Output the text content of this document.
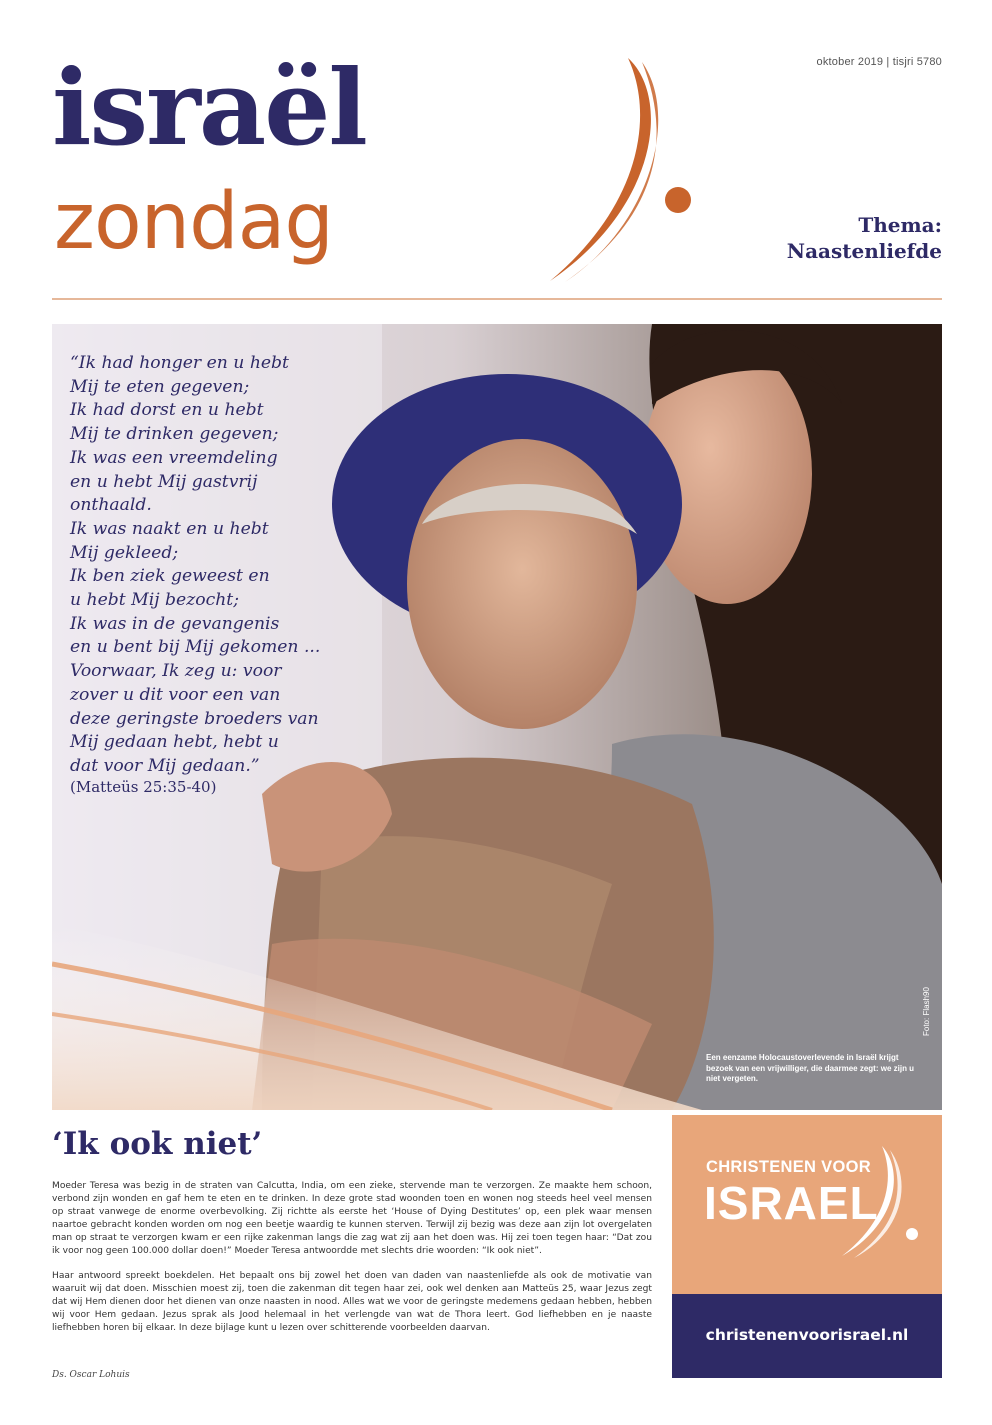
oktober 2019 | tisjri 5780
israël
zondag	Thema:
Naastenliefde
“Ik had honger en u hebt
Mij te eten gegeven;
Ik had dorst en u hebt
Mij te drinken gegeven;
Ik was een vreemdeling
en u hebt Mij gastvrij
onthaald.
Ik was naakt en u hebt
Mij gekleed;
Ik ben ziek geweest en
u hebt Mij bezocht;
Ik was in de gevangenis
en u bent bij Mij gekomen ...
Voorwaar, Ik zeg u: voor
zover u dit voor een van
deze geringste broeders van
Mij gedaan hebt, hebt u
dat voor Mij gedaan.”
(Matteüs 25:35-40)
Een eenzame Holocaustoverlevende in Israël krijgt bezoek van een vrijwilliger, die daarmee zegt: we zijn u niet vergeten.
Foto: Flash90
‘Ik ook niet’

Moeder Teresa was bezig in de straten van Calcutta, India, om een zieke, stervende man te verzorgen. Ze maakte hem schoon, verbond zijn wonden en gaf hem te eten en te drinken. In deze grote stad woonden toen en wonen nog steeds heel veel mensen op straat vanwege de enorme overbevolking. Zij richtte als eerste het ‘House of Dying Destitutes’ op, een plek waar mensen naartoe gebracht konden worden om nog een beetje waardig te kunnen sterven. Terwijl zij bezig was deze aan zijn lot overgelaten man op straat te verzorgen kwam er een rijke zakenman langs die zag wat zij aan het doen was. Hij zei toen tegen haar: “Dat zou ik voor nog geen 100.000 dollar doen!” Moeder Teresa antwoordde met slechts drie woorden: “Ik ook niet”.

Haar antwoord spreekt boekdelen. Het bepaalt ons bij zowel het doen van daden van naastenliefde als ook de motivatie van waaruit wij dat doen. Misschien moest zij, toen die zakenman dit tegen haar zei, ook wel denken aan Matteüs 25, waar Jezus zegt dat wij Hem dienen door het dienen van onze naasten in nood. Alles wat we voor de geringste medemens gedaan hebben, hebben wij voor Hem gedaan. Jezus sprak als Jood helemaal in het verlengde van wat de Thora leert. God liefhebben en je naaste liefhebben horen bij elkaar. In deze bijlage kunt u lezen over schitterende voorbeelden daarvan.

Ds. Oscar Lohuis
CHRISTENEN VOOR
ISRAEL
christenenvoorisrael.nl
